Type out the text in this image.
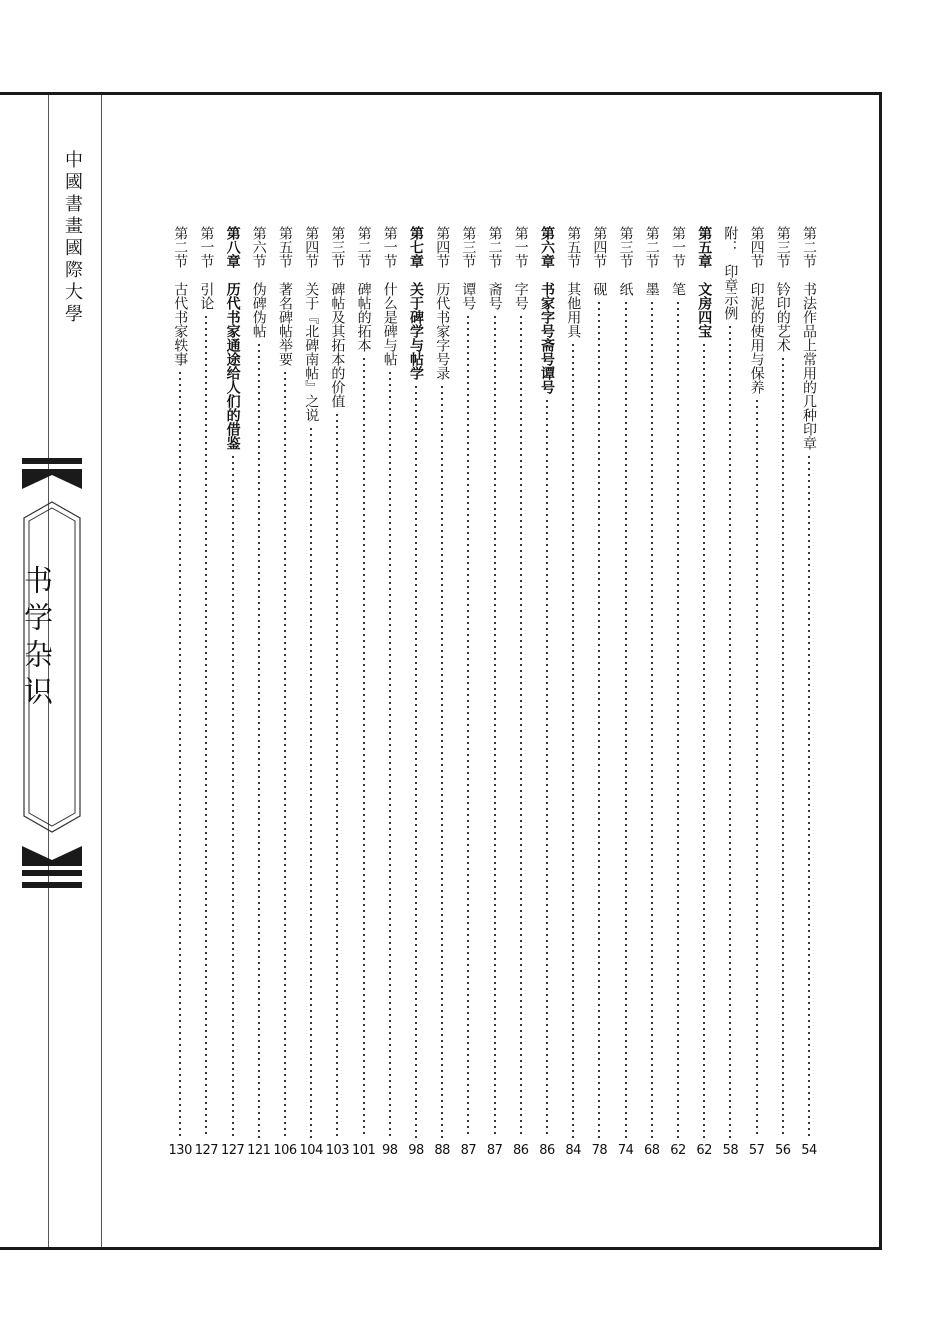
中國書畫國際大學
书学杂识
第二节书法作品上常用的几种印章
54
第三节钤印的艺术
56
第四节印泥的使用与保养
57
附：印章示例
58
第五章文房四宝
62
第一节笔
62
第二节墨
68
第三节纸
74
第四节砚
78
第五节其他用具
84
第六章书家字号斋号谭号
86
第一节字号
86
第二节斋号
87
第三节谭号
87
第四节历代书家字号录
88
第七章关于碑学与帖学
98
第一节什么是碑与帖
98
第二节碑帖的拓本
101
第三节碑帖及其拓本的价值
103
第四节关于『北碑南帖』之说
104
第五节著名碑帖举要
106
第六节伪碑伪帖
121
第八章历代书家通途给人们的借鉴
127
第一节引论
127
第二节古代书家轶事
130
